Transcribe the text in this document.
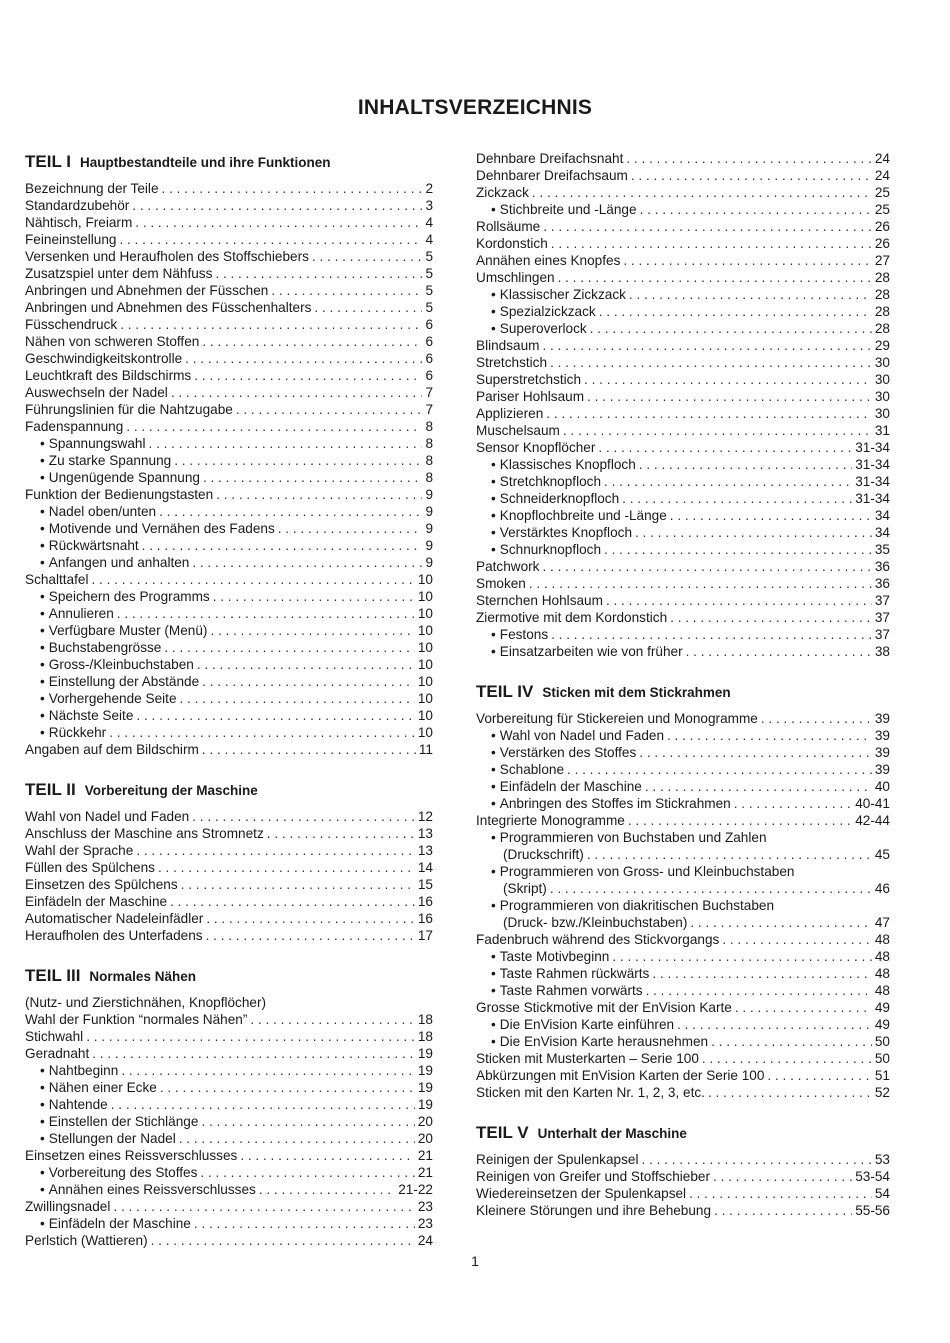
INHALTSVERZEICHNIS
TEIL I Hauptbestandteile und ihre Funktionen
Bezeichnung der Teile . . .	2
Standardzubehör . . .	3
Nähtisch, Freiarm . . .	4
Feineinstellung . . .	4
Versenken und Heraufholen des Stoffschiebers . . .	5
Zusatzspiel unter dem Nähfuss . . .	5
Anbringen und Abnehmen der Füsschen . . .	5
Anbringen und Abnehmen des Füsschenhalters . . .	5
Füsschendruck . . .	6
Nähen von schweren Stoffen . . .	6
Geschwindigkeitskontrolle . . .	6
Leuchtkraft des Bildschirms . . .	6
Auswechseln der Nadel . . .	7
Führungslinien für die Nahtzugabe . . .	7
Fadenspannung . . .	8
• Spannungswahl . . .	8
• Zu starke Spannung . . .	8
• Ungenügende Spannung . . .	8
Funktion der Bedienungstasten . . .	9
• Nadel oben/unten . . .	9
• Motivende und Vernähen des Fadens . . .	9
• Rückwärtsnaht . . .	9
• Anfangen und anhalten . . .	9
Schalttafel . . .	10
• Speichern des Programms . . .	10
• Annulieren . . .	10
• Verfügbare Muster (Menü) . . .	10
• Buchstabengrösse . . .	10
• Gross-/Kleinbuchstaben . . .	10
• Einstellung der Abstände . . .	10
• Vorhergehende Seite . . .	10
• Nächste Seite . . .	10
• Rückkehr . . .	10
Angaben auf dem Bildschirm . . .	11
TEIL II Vorbereitung der Maschine
Wahl von Nadel und Faden . . .	12
Anschluss der Maschine ans Stromnetz . . .	13
Wahl der Sprache . . .	13
Füllen des Spülchens . . .	14
Einsetzen des Spülchens . . .	15
Einfädeln der Maschine . . .	16
Automatischer Nadeleinfädler . . .	16
Heraufholen des Unterfadens . . .	17
TEIL III Normales Nähen
(Nutz- und Zierstichnähen, Knopflöcher)
Wahl der Funktion “normales Nähen” . . .	18
Stichwahl . . .	18
Geradnaht . . .	19
• Nahtbeginn . . .	19
• Nähen einer Ecke . . .	19
• Nahtende . . .	19
• Einstellen der Stichlänge . . .	20
• Stellungen der Nadel . . .	20
Einsetzen eines Reissverschlusses . . .	21
• Vorbereitung des Stoffes . . .	21
• Annähen eines Reissverschlusses . . .	21-22
Zwillingsnadel . . .	23
• Einfädeln der Maschine . . .	23
Perlstich (Wattieren) . . .	24
Dehnbare Dreifachsnaht . . .	24
Dehnbarer Dreifachsaum . . .	24
Zickzack . . .	25
• Stichbreite und -Länge . . .	25
Rollsäume . . .	26
Kordonstich . . .	26
Annähen eines Knopfes . . .	27
Umschlingen . . .	28
• Klassischer Zickzack . . .	28
• Spezialzickzack . . .	28
• Superoverlock . . .	28
Blindsaum . . .	29
Stretchstich . . .	30
Superstretchstich . . .	30
Pariser Hohlsaum . . .	30
Applizieren . . .	30
Muschelsaum . . .	31
Sensor Knopflöcher . . .	31-34
• Klassisches Knopfloch . . .	31-34
• Stretchknopfloch . . .	31-34
• Schneiderknopfloch . . .	31-34
• Knopflochbreite und -Länge . . .	34
• Verstärktes Knopfloch . . .	34
• Schnurknopfloch . . .	35
Patchwork . . .	36
Smoken . . .	36
Sternchen Hohlsaum . . .	37
Ziermotive mit dem Kordonstich . . .	37
• Festons . . .	37
• Einsatzarbeiten wie von früher . . .	38
TEIL IV Sticken mit dem Stickrahmen
Vorbereitung für Stickereien und Monogramme . . .	39
• Wahl von Nadel und Faden . . .	39
• Verstärken des Stoffes . . .	39
• Schablone . . .	39
• Einfädeln der Maschine . . .	40
• Anbringen des Stoffes im Stickrahmen . . .	40-41
Integrierte Monogramme . . .	42-44
• Programmieren von Buchstaben und Zahlen
(Druckschrift) . . .	45
• Programmieren von Gross- und Kleinbuchstaben
(Skript) . . .	46
• Programmieren von diakritischen Buchstaben
(Druck- bzw./Kleinbuchstaben) . . .	47
Fadenbruch während des Stickvorgangs . . .	48
• Taste Motivbeginn . . .	48
• Taste Rahmen rückwärts . . .	48
• Taste Rahmen vorwärts . . .	48
Grosse Stickmotive mit der EnVision Karte . . .	49
• Die EnVision Karte einführen . . .	49
• Die EnVision Karte herausnehmen . . .	50
Sticken mit Musterkarten – Serie 100 . . .	50
Abkürzungen mit EnVision Karten der Serie 100 . . .	51
Sticken mit den Karten Nr. 1, 2, 3, etc. . . .	52
TEIL V Unterhalt der Maschine
Reinigen der Spulenkapsel . . .	53
Reinigen von Greifer und Stoffschieber . . .	53-54
Wiedereinsetzen der Spulenkapsel . . .	54
Kleinere Störungen und ihre Behebung . . .	55-56
1
